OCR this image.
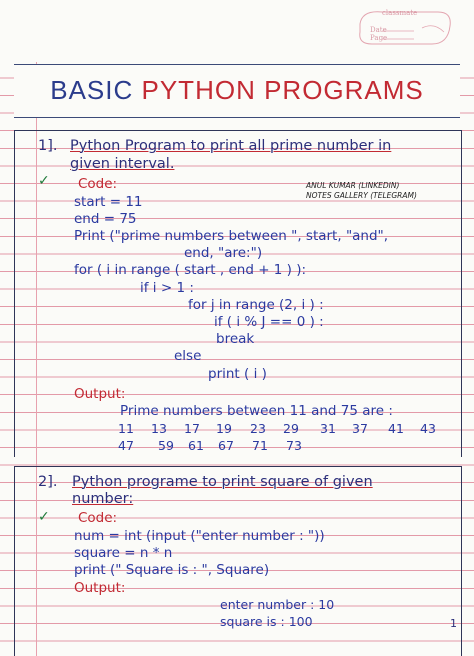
classmate
Date
Page
BASIC PYTHON PROGRAMS
1]. Python Program to print all prime number in
given interval.
✓ Code:	ANUL KUMAR (LINKEDIN)
NOTES GALLERY (TELEGRAM)
start = 11
end = 75
Print ("prime numbers between ", start, "and",
end, "are:")
for ( i in range ( start , end + 1 ) ):
if i > 1 :
for j in range (2, i ) :
if ( i % J == 0 ) :
break
else
print ( i )
Output:
Prime numbers between 11 and 75 are :
11 13 17 19 23 29 31 37 41 43
47 59 61 67 71 73
2]. Python programe to print square of given
number:
✓ Code:
num = int (input ("enter number : "))
square = n * n
print (" Square is : ", Square)
Output:
enter number : 10
square is : 100	1
